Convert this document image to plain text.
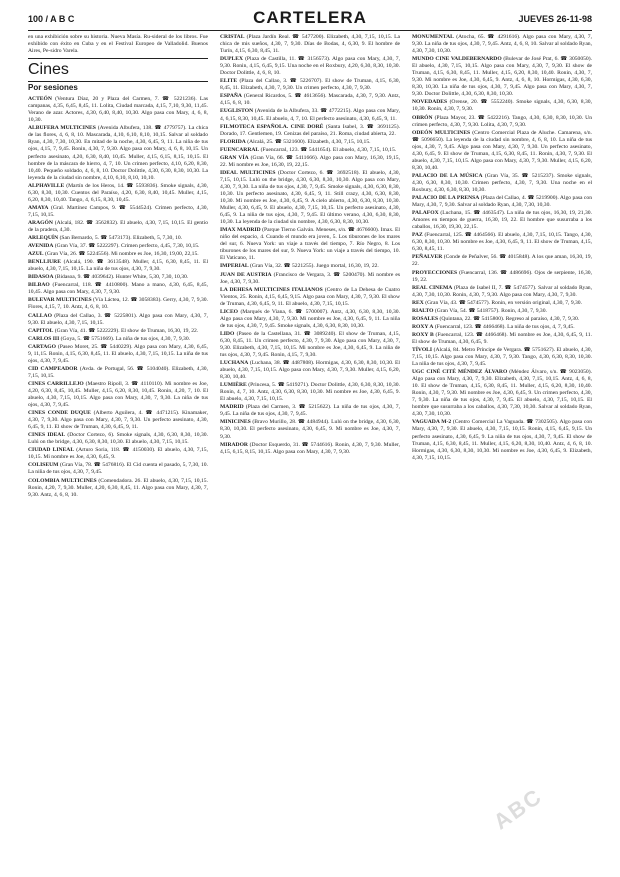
100 / A B C	CARTELERA	JUEVES 26-11-98
en una exhibición sobre su historia. Nueva Masía. Ru-sideral de los libros. Fue exhibido con éxito en Cuba y en el Festival Europeo de Valladolid. Buenos Aires, Pe-sidro Varela.
Cines
Por sesiones
ACTEÓN (Ventura Díaz, 20 y Plaza del Carmen, 7. ☎ 5221236). Las campanas, 4,35, 6,45, 8,45, 11. Lolita, Ciudad marcada, 4,15, 7,10, 9,30, 11,45. Verano de azar. Actores, 4,30, 6,40, 8,40, 10,30. Algo pasa con Mary, 4, 6, 8, 10,30.
ALBUFERA MULTICINES (Avenida Albufera, 138. ☎ 4779757). La chica de las flores, 4, 6, 8, 10. Mascarada, 4,10, 6,10, 8,10, 10,15. Salvar al soldado Ryan, 4,30, 7,30, 10,30. En mitad de la noche, 4,30, 6,45, 9, 11. La niña de tus ojos, 4,15, 7, 9,45. Ronin, 4,30, 7, 9,30. Algo pasa con Mary, 4, 6, 8, 10,15. Un perfecto asesinato, 4,20, 6,30, 8,40, 10,45. Muller, 4,15, 6,15, 8,15, 10,15. El hombre de la máscara de hierro, 4, 7, 10. Un crimen perfecto, 4,10, 6,20, 8,30, 10,40. Pequeño soldado, 4, 6, 8, 10. Doctor Dolittle, 4,30, 6,30, 8,30, 10,30. La leyenda de la ciudad sin nombre, 4,10, 6,10, 8,10, 10,10.
ALPHAVILLE (Martín de los Heros, 14. ☎ 5593836). Smoke signals, 4,30, 6,30, 8,30, 10,30. Cuentos del Paraíso, 4,20, 6,30, 8,40, 10,45. Muller, 4,15, 6,20, 8,30, 10,40. Tango, 4, 6,15, 8,30, 10,45.
AMAYA (Gral. Martínez Campos, 9. ☎ 5544524). Crimen perfecto, 4,30, 7,15, 10,15.
ARAGÓN (Alcalá, 182. ☎ 3562832). El abuelo, 4,30, 7,15, 10,15. El gentío de la pradera, 4,30.
ARLEQUÍN (San Bernardo, 5. ☎ 5473173). Elizabeth, 5, 7,30, 10.
AVENIDA (Gran Vía, 37. ☎ 5222297). Crimen perfecto, 4,45, 7,30, 10,15.
AZUL (Gran Vía, 26. ☎ 5224556). Mi nombre es Joe, 16,30, 19,00, 22,15.
BENLLIURE (Alcalá, 190. ☎ 3613548). Muller, 4,15, 6,30, 8,45, 11. El abuelo, 4,30, 7,15, 10,15. La niña de tus ojos, 4,30, 7, 9,30.
BIDASOA (Bidasoa, 9. ☎ 4039642). Hunter White, 5,30, 7,30, 10,30.
BILBAO (Fuencarral, 118. ☎ 4410800). Mano a mano, 4,30, 6,45, 8,45, 10,45. Algo pasa con Mary, 4,30, 7, 9,30.
BULEVAR MULTICINES (Vía Láctea, 12. ☎ 3058383). Gerry, 4,30, 7, 9,30. Flores, 4,15, 7, 10. Antz, 4, 6, 8, 10.
CALLAO (Plaza del Callao, 3. ☎ 5225801). Algo pasa con Mary, 4,30, 7, 9,30. El abuelo, 4,30, 7,15, 10,15.
CAPITOL (Gran Vía, 41. ☎ 5222229). El show de Truman, 16,30, 19, 22.
CARLOS III (Goya, 5. ☎ 5751669). La niña de tus ojos, 4,30, 7, 9,30.
CARTAGO (Paseo Moret, 25. ☎ 5440229). Algo pasa con Mary, 4,30, 6,45, 9, 11,15. Ronin, 4,15, 6,30, 8,45, 11. El abuelo, 4,30, 7,15, 10,15. La niña de tus ojos, 4,30, 7, 9,45.
CID CAMPEADOR (Avda. de Portugal, 56. ☎ 5104040). Elizabeth, 4,30, 7,15, 10,15.
CINES CARRILLEJO (Maestro Ripoll, 3. ☎ 4110110). Mi nombre es Joe, 4,20, 6,30, 8,45, 10,45. Muller, 4,15, 6,20, 8,30, 10,45. Ronin, 4,20, 7, 10. El abuelo, 4,30, 7,15, 10,15. Algo pasa con Mary, 4,30, 7, 9,30. La niña de tus ojos, 4,30, 7, 9,45.
CINES CONDE DUQUE (Alberto Aguilera, 4. ☎ 4471215). Kinamaker, 4,30, 7, 9,30. Algo pasa con Mary, 4,30, 7, 9,30. Un perfecto asesinato, 4,30, 6,45, 9, 11. El show de Truman, 4,30, 6,45, 9, 11.
CINES IDEAL (Doctor Cortezo, 6). Smoke signals, 4,30, 6,30, 8,30, 10,30. Lulú on the bridge, 4,30, 6,30, 8,30, 10,30. El abuelo, 4,30, 7,15, 10,15.
CIUDAD LINEAL (Arturo Soria, 118. ☎ 4150030). El abuelo, 4,30, 7,15, 10,15. Mi nombre es Joe, 4,30, 6,45, 9.
COLISEUM (Gran Vía, 78. ☎ 5476816). El Cid cuenta el pasado, 5, 7,30, 10. La niña de tus ojos, 4,30, 7, 9,45.
COLOMBIA MULTICINES (Comendadora. 26. El abuelo, 4,30, 7,15, 10,15. Ronin, 4,20, 7, 9,30. Muller, 4,20, 6,30, 8,45, 11. Algo pasa con Mary, 4,30, 7, 9,30. Antz, 4, 6, 8, 10.
CRISTAL (Plaza Jardín Real. ☎ 5477200). Elizabeth, 4,30, 7,15, 10,15. La chica de mis sueños, 4,30, 7, 9,30. Días de Bodas, 4, 6,30, 9. El hombre de Turín, 4,15, 6,30, 8,45, 11.
DUPLEX (Plaza de Castilla, 11. ☎ 3156573). Algo pasa con Mary, 4,30, 7, 9,30. Ronin, 4,15, 6,45, 9,15. Una noche en el Roxbury, 4,20, 6,30, 8,30, 10,30. Doctor Dolittle, 4, 6, 8, 10.
ELITE (Plaza del Callao, 3. ☎ 5226707). El show de Truman, 4,15, 6,30, 8,45, 11. Elizabeth, 4,30, 7, 9,30. Un crimen perfecto, 4,30, 7, 9,30.
ESPAÑA (General Ricardos, 5. ☎ 4613656). Mascarada, 4,30, 7, 9,30. Antz, 4,15, 6, 8, 10.
EUGLISTON (Avenida de la Albufera, 33. ☎ 4772215). Algo pasa con Mary, 4, 6,15, 8,30, 10,45. El abuelo, 4, 7, 10. El perfecto asesinato, 4,30, 6,45, 9, 11.
FILMOTECA ESPAÑOLA. CINE DORÉ (Santa Isabel, 3. ☎ 3691125). Dorado, 17. Gentlemen, 19. Cenizas del paraíso, 21. Roma, ciudad abierta, 22.
FLORIDA (Alcalá, 25. ☎ 5321600). Elizabeth, 4,30, 7,15, 10,15.
FUENCARRAL (Fuencarral, 123. ☎ 5441654). El abuelo, 4,30, 7,15, 10,15.
GRAN VÍA (Gran Vía, 66. ☎ 5411666). Algo pasa con Mary, 16,30, 19,15, 22. Mi nombre es Joe, 16,30, 19, 22,15.
IDEAL MULTICINES (Doctor Cortezo, 6. ☎ 3692518). El abuelo, 4,30, 7,15, 10,15. Lulú on the bridge, 4,30, 6,30, 8,30, 10,30. Algo pasa con Mary, 4,30, 7, 9,30. La niña de tus ojos, 4,30, 7, 9,45. Smoke signals, 4,30, 6,30, 8,30, 10,30. Un perfecto asesinato, 4,30, 6,45, 9, 11. Still crazy, 4,30, 6,30, 8,30, 10,30. Mi nombre es Joe, 4,30, 6,45, 9. A cielo abierto, 4,30, 6,30, 8,30, 10,30. Muller, 4,30, 6,45, 9. El abuelo, 4,30, 7,15, 10,15. Un perfecto asesinato, 4,30, 6,45, 9. La niña de tus ojos, 4,30, 7, 9,45. El último verano, 4,30, 6,30, 8,30, 10,30. La leyenda de la ciudad sin nombre, 4,30, 6,30, 8,30, 10,30.
IMAX MADRID (Parque Tierno Galván. Meneses, s/n. ☎ 4676600). Imax. El niño del espacio, 4. Cuando el mundo era joven, 5. Los tiburones de los mares del sur, 6. Nueva York: un viaje a través del tiempo, 7. Río Negro, 8. Los tiburones de los mares del sur, 9. Nueva York: un viaje a través del tiempo, 10. El Vaticano, 11.
IMPERIAL (Gran Vía, 32. ☎ 5221255). Juego mortal, 16,30, 19, 22.
JUAN DE AUSTRIA (Francisco de Vergara, 3. ☎ 5200470). Mi nombre es Joe, 4,30, 7, 9,30.
LA DEHESA MULTICINES ITALIANOS (Centro de La Dehesa de Cuatro Vientos, 25. Ronin, 4,15, 6,45, 9,15. Algo pasa con Mary, 4,30, 7, 9,30. El show de Truman, 4,30, 6,45, 9, 11. El abuelo, 4,30, 7,15, 10,15.
LICEO (Marqués de Viana, 6. ☎ 5700007). Antz, 4,30, 6,30, 8,30, 10,30. Algo pasa con Mary, 4,30, 7, 9,30. Mi nombre es Joe, 4,30, 6,45, 9, 11. La niña de tus ojos, 4,30, 7, 9,45. Smoke signals, 4,30, 6,30, 8,30, 10,30.
LIDO (Paseo de la Castellana, 31. ☎ 3089240). El show de Truman, 4,15, 6,30, 8,45, 11. Un crimen perfecto, 4,30, 7, 9,30. Algo pasa con Mary, 4,30, 7, 9,30. Elizabeth, 4,30, 7,15, 10,15. Mi nombre es Joe, 4,30, 6,45, 9. La niña de tus ojos, 4,30, 7, 9,45. Ronin, 4,15, 7, 9,30.
LUCHANA (Luchana, 38. ☎ 4487808). Hormigas, 4,30, 6,30, 8,30, 10,30. El abuelo, 4,30, 7,15, 10,15. Algo pasa con Mary, 4,30, 7, 9,30. Muller, 4,15, 6,20, 8,30, 10,40.
LUMIÈRE (Princesa, 5. ☎ 5419271). Doctor Dolittle, 4,30, 6,30, 8,30, 10,30. Ronin, 4, 7, 10. Antz, 4,30, 6,30, 8,30, 10,30. Mi nombre es Joe, 4,30, 6,45, 9. El abuelo, 4,30, 7,15, 10,15.
MADRID (Plaza del Carmen, 3. ☎ 5215622). La niña de tus ojos, 4,30, 7, 9,45. La niña de tus ojos, 4,30, 7, 9,45.
MINICINES (Bravo Murillo, 28. ☎ 4484944). Lulú on the bridge, 4,30, 6,30, 8,30, 10,30. El perfecto asesinato, 4,30, 6,45, 9. Mi nombre es Joe, 4,30, 7, 9,30.
MIRADOR (Doctor Esquerdo, 31. ☎ 5744616). Ronin, 4,30, 7, 9,30. Muller, 4,15, 6,15, 8,15, 10,15. Algo pasa con Mary, 4,30, 7, 9,30.
MONUMENTAL (Atocha, 65. ☎ 4291616). Algo pasa con Mary, 4,30, 7, 9,30. La niña de tus ojos, 4,30, 7, 9,45. Antz, 4, 6, 8, 10. Salvar al soldado Ryan, 4,30, 7,30, 10,30.
MUNDO CINE VALDEBERNARDO (Bulevar de José Prat, 6. ☎ 3050050). El abuelo, 4,30, 7,15, 10,15. Algo pasa con Mary, 4,30, 7, 9,30. El show de Truman, 4,15, 6,30, 8,45, 11. Muller, 4,15, 6,20, 8,30, 10,40. Ronin, 4,30, 7, 9,30. Mi nombre es Joe, 4,30, 6,45, 9. Antz, 4, 6, 8, 10. Hormigas, 4,30, 6,30, 8,30, 10,30. La niña de tus ojos, 4,30, 7, 9,45. Algo pasa con Mary, 4,30, 7, 9,30. Doctor Dolittle, 4,30, 6,30, 8,30, 10,30.
NOVEDADES (Orense, 20. ☎ 5552240). Smoke signals, 4,30, 6,30, 8,30, 10,30. Ronin, 4,30, 7, 9,30.
OBRÓN (Plaza Mayor, 23. ☎ 5422216). Tango, 4,30, 6,30, 8,30, 10,30. Un crimen perfecto, 4,30, 7, 9,30. Lolita, 4,30, 7, 9,30.
ODEÓN MULTICINES (Centro Comercial Plaza de Aluche. Camarena, s/n. ☎ 5096650). La leyenda de la ciudad sin nombre, 4, 6, 8, 10. La niña de tus ojos, 4,30, 7, 9,45. Algo pasa con Mary, 4,30, 7, 9,30. Un perfecto asesinato, 4,30, 6,45, 9. El show de Truman, 4,15, 6,30, 8,45, 11. Ronin, 4,30, 7, 9,30. El abuelo, 4,30, 7,15, 10,15. Algo pasa con Mary, 4,30, 7, 9,30. Muller, 4,15, 6,20, 8,30, 10,40.
PALACIO DE LA MÚSICA (Gran Vía, 35. ☎ 5215237). Smoke signals, 4,30, 6,30, 8,30, 10,30. Crimen perfecto, 4,30, 7, 9,30. Una noche en el Roxbury, 4,30, 6,30, 8,30, 10,30.
PALACIO DE LA PRENSA (Plaza del Callao, 4. ☎ 5219900). Algo pasa con Mary, 4,30, 7, 9,30. Salvar al soldado Ryan, 4,30, 7,30, 10,30.
PALAFOX (Luchana, 15. ☎ 4463547). La niña de tus ojos, 16,30, 19, 21,30. Amores en tiempos de guerra, 16,30, 19, 22. El hombre que susurraba a los caballos, 16,30, 19,30, 22,15.
PAZ (Fuencarral, 125. ☎ 4464566). El abuelo, 4,30, 7,15, 10,15. Tango, 4,30, 6,30, 8,30, 10,30. Mi nombre es Joe, 4,30, 6,45, 9, 11. El show de Truman, 4,15, 6,30, 8,45, 11.
PEÑALVER (Conde de Peñalver, 56. ☎ 4015848). A los que aman, 16,30, 19, 22.
PROYECCIONES (Fuencarral, 136. ☎ 4486696). Ojos de serpiente, 16,30, 19, 22.
REAL CINEMA (Plaza de Isabel II, 7. ☎ 5474577). Salvar al soldado Ryan, 4,30, 7,30, 10,30. Ronin, 4,30, 7, 9,30. Algo pasa con Mary, 4,30, 7, 9,30.
REX (Gran Vía, 43. ☎ 5474577). Ronin, en versión original, 4,30, 7, 9,30.
RIALTO (Gran Vía, 54. ☎ 5418757). Ronin, 4,30, 7, 9,30.
ROSALES (Quintana, 22. ☎ 5415800). Regreso al paraíso, 4,30, 7, 9,30.
ROXY A (Fuencarral, 123. ☎ 4466468). La niña de tus ojos, 4, 7, 9,45.
ROXY B (Fuencarral, 123. ☎ 4466468). Mi nombre es Joe, 4,30, 6,45, 9, 11. El show de Truman, 4,30, 6,45, 9.
TÍVOLI (Alcalá, 84. Metro Príncipe de Vergara. ☎ 5751627). El abuelo, 4,30, 7,15, 10,15. Algo pasa con Mary, 4,30, 7, 9,30. Tango, 4,30, 6,30, 8,30, 10,30. La niña de tus ojos, 4,30, 7, 9,45.
UGC CINÉ CITÉ MÉNDEZ ÁLVARO (Méndez Álvaro, s/n. ☎ 9023050). Algo pasa con Mary, 4,30, 7, 9,30. Elizabeth, 4,30, 7,15, 10,15. Antz, 4, 6, 8, 10. El show de Truman, 4,15, 6,30, 8,45, 11. Muller, 4,15, 6,20, 8,30, 10,40. Ronin, 4,30, 7, 9,30. Mi nombre es Joe, 4,30, 6,45, 9. Un crimen perfecto, 4,30, 7, 9,30. La niña de tus ojos, 4,30, 7, 9,45. El abuelo, 4,30, 7,15, 10,15. El hombre que susurraba a los caballos, 4,30, 7,30, 10,30. Salvar al soldado Ryan, 4,30, 7,30, 10,30.
VAGUADA M-2 (Centro Comercial La Vaguada. ☎ 7302505). Algo pasa con Mary, 4,30, 7, 9,30. El abuelo, 4,30, 7,15, 10,15. Ronin, 4,15, 6,45, 9,15. Un perfecto asesinato, 4,30, 6,45, 9. La niña de tus ojos, 4,30, 7, 9,45. El show de Truman, 4,15, 6,30, 8,45, 11. Muller, 4,15, 6,20, 8,30, 10,40. Antz, 4, 6, 8, 10. Hormigas, 4,30, 6,30, 8,30, 10,30. Mi nombre es Joe, 4,30, 6,45, 9. Elizabeth, 4,30, 7,15, 10,15.
ABC
